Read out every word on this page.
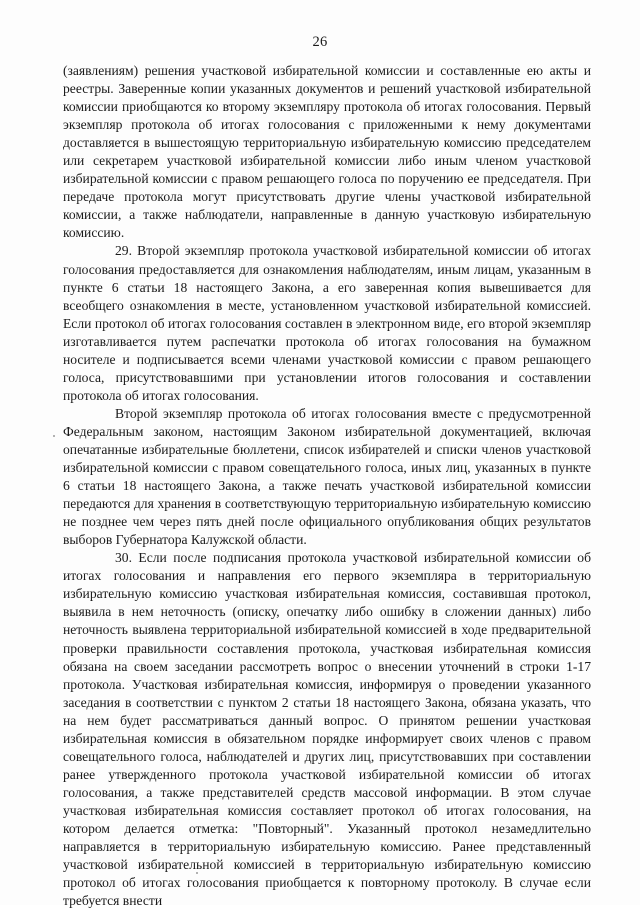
26

(заявлениям) решения участковой избирательной комиссии и составленные ею акты и реестры. Заверенные копии указанных документов и решений участковой избирательной комиссии приобщаются ко второму экземпляру протокола об итогах голосования. Первый экземпляр протокола об итогах голосования с приложенными к нему документами доставляется в вышестоящую территориальную избирательную комиссию председателем или секретарем участковой избирательной комиссии либо иным членом участковой избирательной комиссии с правом решающего голоса по поручению ее председателя. При передаче протокола могут присутствовать другие члены участковой избирательной комиссии, а также наблюдатели, направленные в данную участковую избирательную комиссию.

29. Второй экземпляр протокола участковой избирательной комиссии об итогах голосования предоставляется для ознакомления наблюдателям, иным лицам, указанным в пункте 6 статьи 18 настоящего Закона, а его заверенная копия вывешивается для всеобщего ознакомления в месте, установленном участковой избирательной комиссией. Если протокол об итогах голосования составлен в электронном виде, его второй экземпляр изготавливается путем распечатки протокола об итогах голосования на бумажном носителе и подписывается всеми членами участковой комиссии с правом решающего голоса, присутствовавшими при установлении итогов голосования и составлении протокола об итогах голосования.

Второй экземпляр протокола об итогах голосования вместе с предусмотренной Федеральным законом, настоящим Законом избирательной документацией, включая опечатанные избирательные бюллетени, список избирателей и списки членов участковой избирательной комиссии с правом совещательного голоса, иных лиц, указанных в пункте 6 статьи 18 настоящего Закона, а также печать участковой избирательной комиссии передаются для хранения в соответствующую территориальную избирательную комиссию не позднее чем через пять дней после официального опубликования общих результатов выборов Губернатора Калужской области.

30. Если после подписания протокола участковой избирательной комиссии об итогах голосования и направления его первого экземпляра в территориальную избирательную комиссию участковая избирательная комиссия, составившая протокол, выявила в нем неточность (описку, опечатку либо ошибку в сложении данных) либо неточность выявлена территориальной избирательной комиссией в ходе предварительной проверки правильности составления протокола, участковая избирательная комиссия обязана на своем заседании рассмотреть вопрос о внесении уточнений в строки 1-17 протокола. Участковая избирательная комиссия, информируя о проведении указанного заседания в соответствии с пунктом 2 статьи 18 настоящего Закона, обязана указать, что на нем будет рассматриваться данный вопрос. О принятом решении участковая избирательная комиссия в обязательном порядке информирует своих членов с правом совещательного голоса, наблюдателей и других лиц, присутствовавших при составлении ранее утвержденного протокола участковой избирательной комиссии об итогах голосования, а также представителей средств массовой информации. В этом случае участковая избирательная комиссия составляет протокол об итогах голосования, на котором делается отметка: "Повторный". Указанный протокол незамедлительно направляется в территориальную избирательную комиссию. Ранее представленный участковой избирательной комиссией в территориальную избирательную комиссию протокол об итогах голосования приобщается к повторному протоколу. В случае если требуется внести
